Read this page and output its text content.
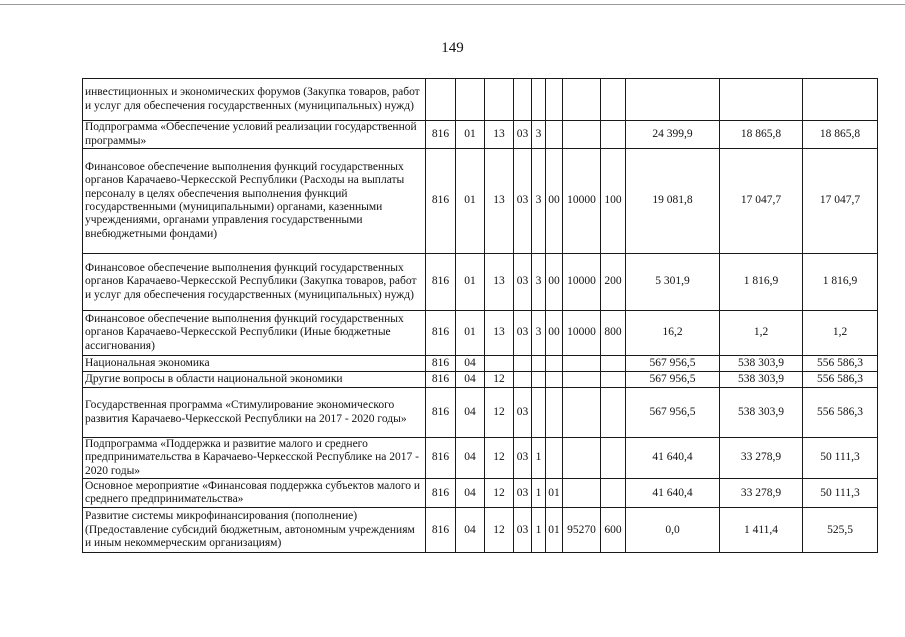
149
инвестиционных и экономических форумов (Закупка товаров, работ и услуг для обеспечения государственных (муниципальных) нужд)											
Подпрограмма «Обеспечение условий реализации государственной программы»	816	01	13	03	3				24 399,9	18 865,8	18 865,8
Финансовое обеспечение выполнения функций государственных органов Карачаево-Черкесской Республики (Расходы на выплаты персоналу в целях обеспечения выполнения функций государственными (муниципальными) органами, казенными учреждениями, органами управления государственными внебюджетными фондами)	816	01	13	03	3	00	10000	100	19 081,8	17 047,7	17 047,7
Финансовое обеспечение выполнения функций государственных органов Карачаево-Черкесской Республики (Закупка товаров, работ и услуг для обеспечения государственных (муниципальных) нужд)	816	01	13	03	3	00	10000	200	5 301,9	1 816,9	1 816,9
Финансовое обеспечение выполнения функций государственных органов Карачаево-Черкесской Республики (Иные бюджетные ассигнования)	816	01	13	03	3	00	10000	800	16,2	1,2	1,2
Национальная экономика	816	04							567 956,5	538 303,9	556 586,3
Другие вопросы в области национальной экономики	816	04	12						567 956,5	538 303,9	556 586,3
Государственная программа «Стимулирование экономического развития Карачаево-Черкесской Республики на 2017 - 2020 годы»	816	04	12	03					567 956,5	538 303,9	556 586,3
Подпрограмма «Поддержка и развитие малого и среднего предпринимательства в Карачаево-Черкесской Республике на 2017 - 2020 годы»	816	04	12	03	1				41 640,4	33 278,9	50 111,3
Основное мероприятие «Финансовая поддержка субъектов малого и среднего предпринимательства»	816	04	12	03	1	01			41 640,4	33 278,9	50 111,3
Развитие системы микрофинансирования (пополнение) (Предоставление субсидий бюджетным, автономным учреждениям и иным некоммерческим организациям)	816	04	12	03	1	01	95270	600	0,0	1 411,4	525,5
